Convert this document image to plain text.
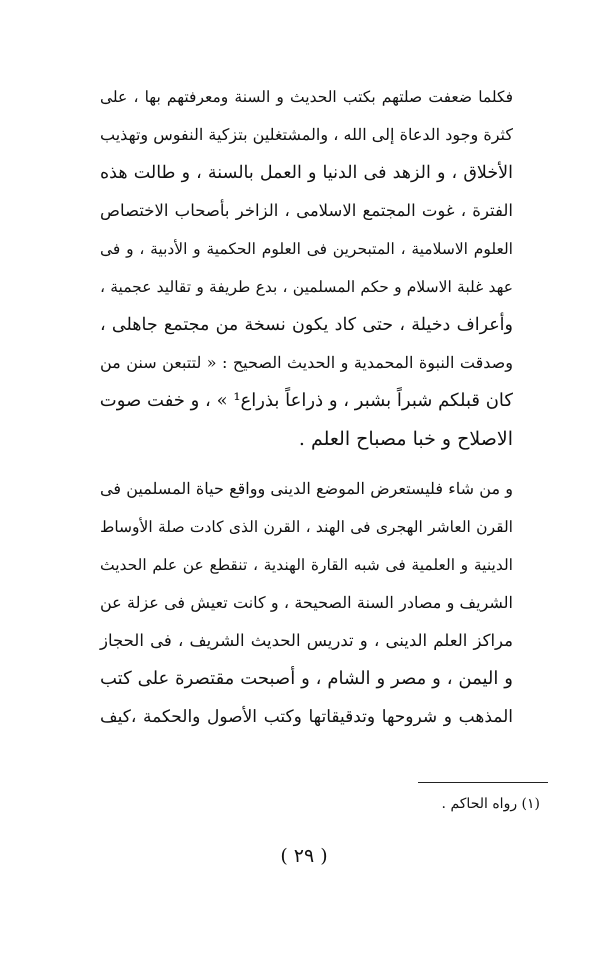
فكلما ضعفت صلتهم بكتب الحديث و السنة ومعرفتهم بها ، على
كثرة وجود الدعاة إلى الله ، والمشتغلين بتزكية النفوس وتهذيب
الأخلاق ، و الزهد فى الدنيا و العمل بالسنة ، و طالت هذه
الفترة ، غوت المجتمع الاسلامى ، الزاخر بأصحاب الاختصاص
العلوم الاسلامية ، المتبحرين فى العلوم الحكمية و الأدبية ، و فى
عهد غلبة الاسلام و حكم المسلمين ، بدع طريفة و تقاليد عجمية ،
وأعراف دخيلة ، حتى كاد يكون نسخة من مجتمع جاهلى ،
وصدقت النبوة المحمدية و الحديث الصحيح : « لتتبعن سنن من
كان قبلكم شبراً بشبر ، و ذراعاً بذراع¹ » ، و خفت صوت
الاصلاح و خبا مصباح العلم .
و من شاء فليستعرض الموضع الدينى وواقع حياة المسلمين فى
القرن العاشر الهجرى فى الهند ، القرن الذى كادت صلة الأوساط
الدينية و العلمية فى شبه القارة الهندية ، تنقطع عن علم الحديث
الشريف و مصادر السنة الصحيحة ، و كانت تعيش فى عزلة عن
مراكز العلم الدينى ، و تدريس الحديث الشريف ، فى الحجاز
و اليمن ، و مصر و الشام ، و أصبحت مقتصرة على كتب
المذهب و شروحها وتدقيقاتها وكتب الأصول والحكمة ،كيف
(١) رواه الحاكم .
( ٢٩ )
